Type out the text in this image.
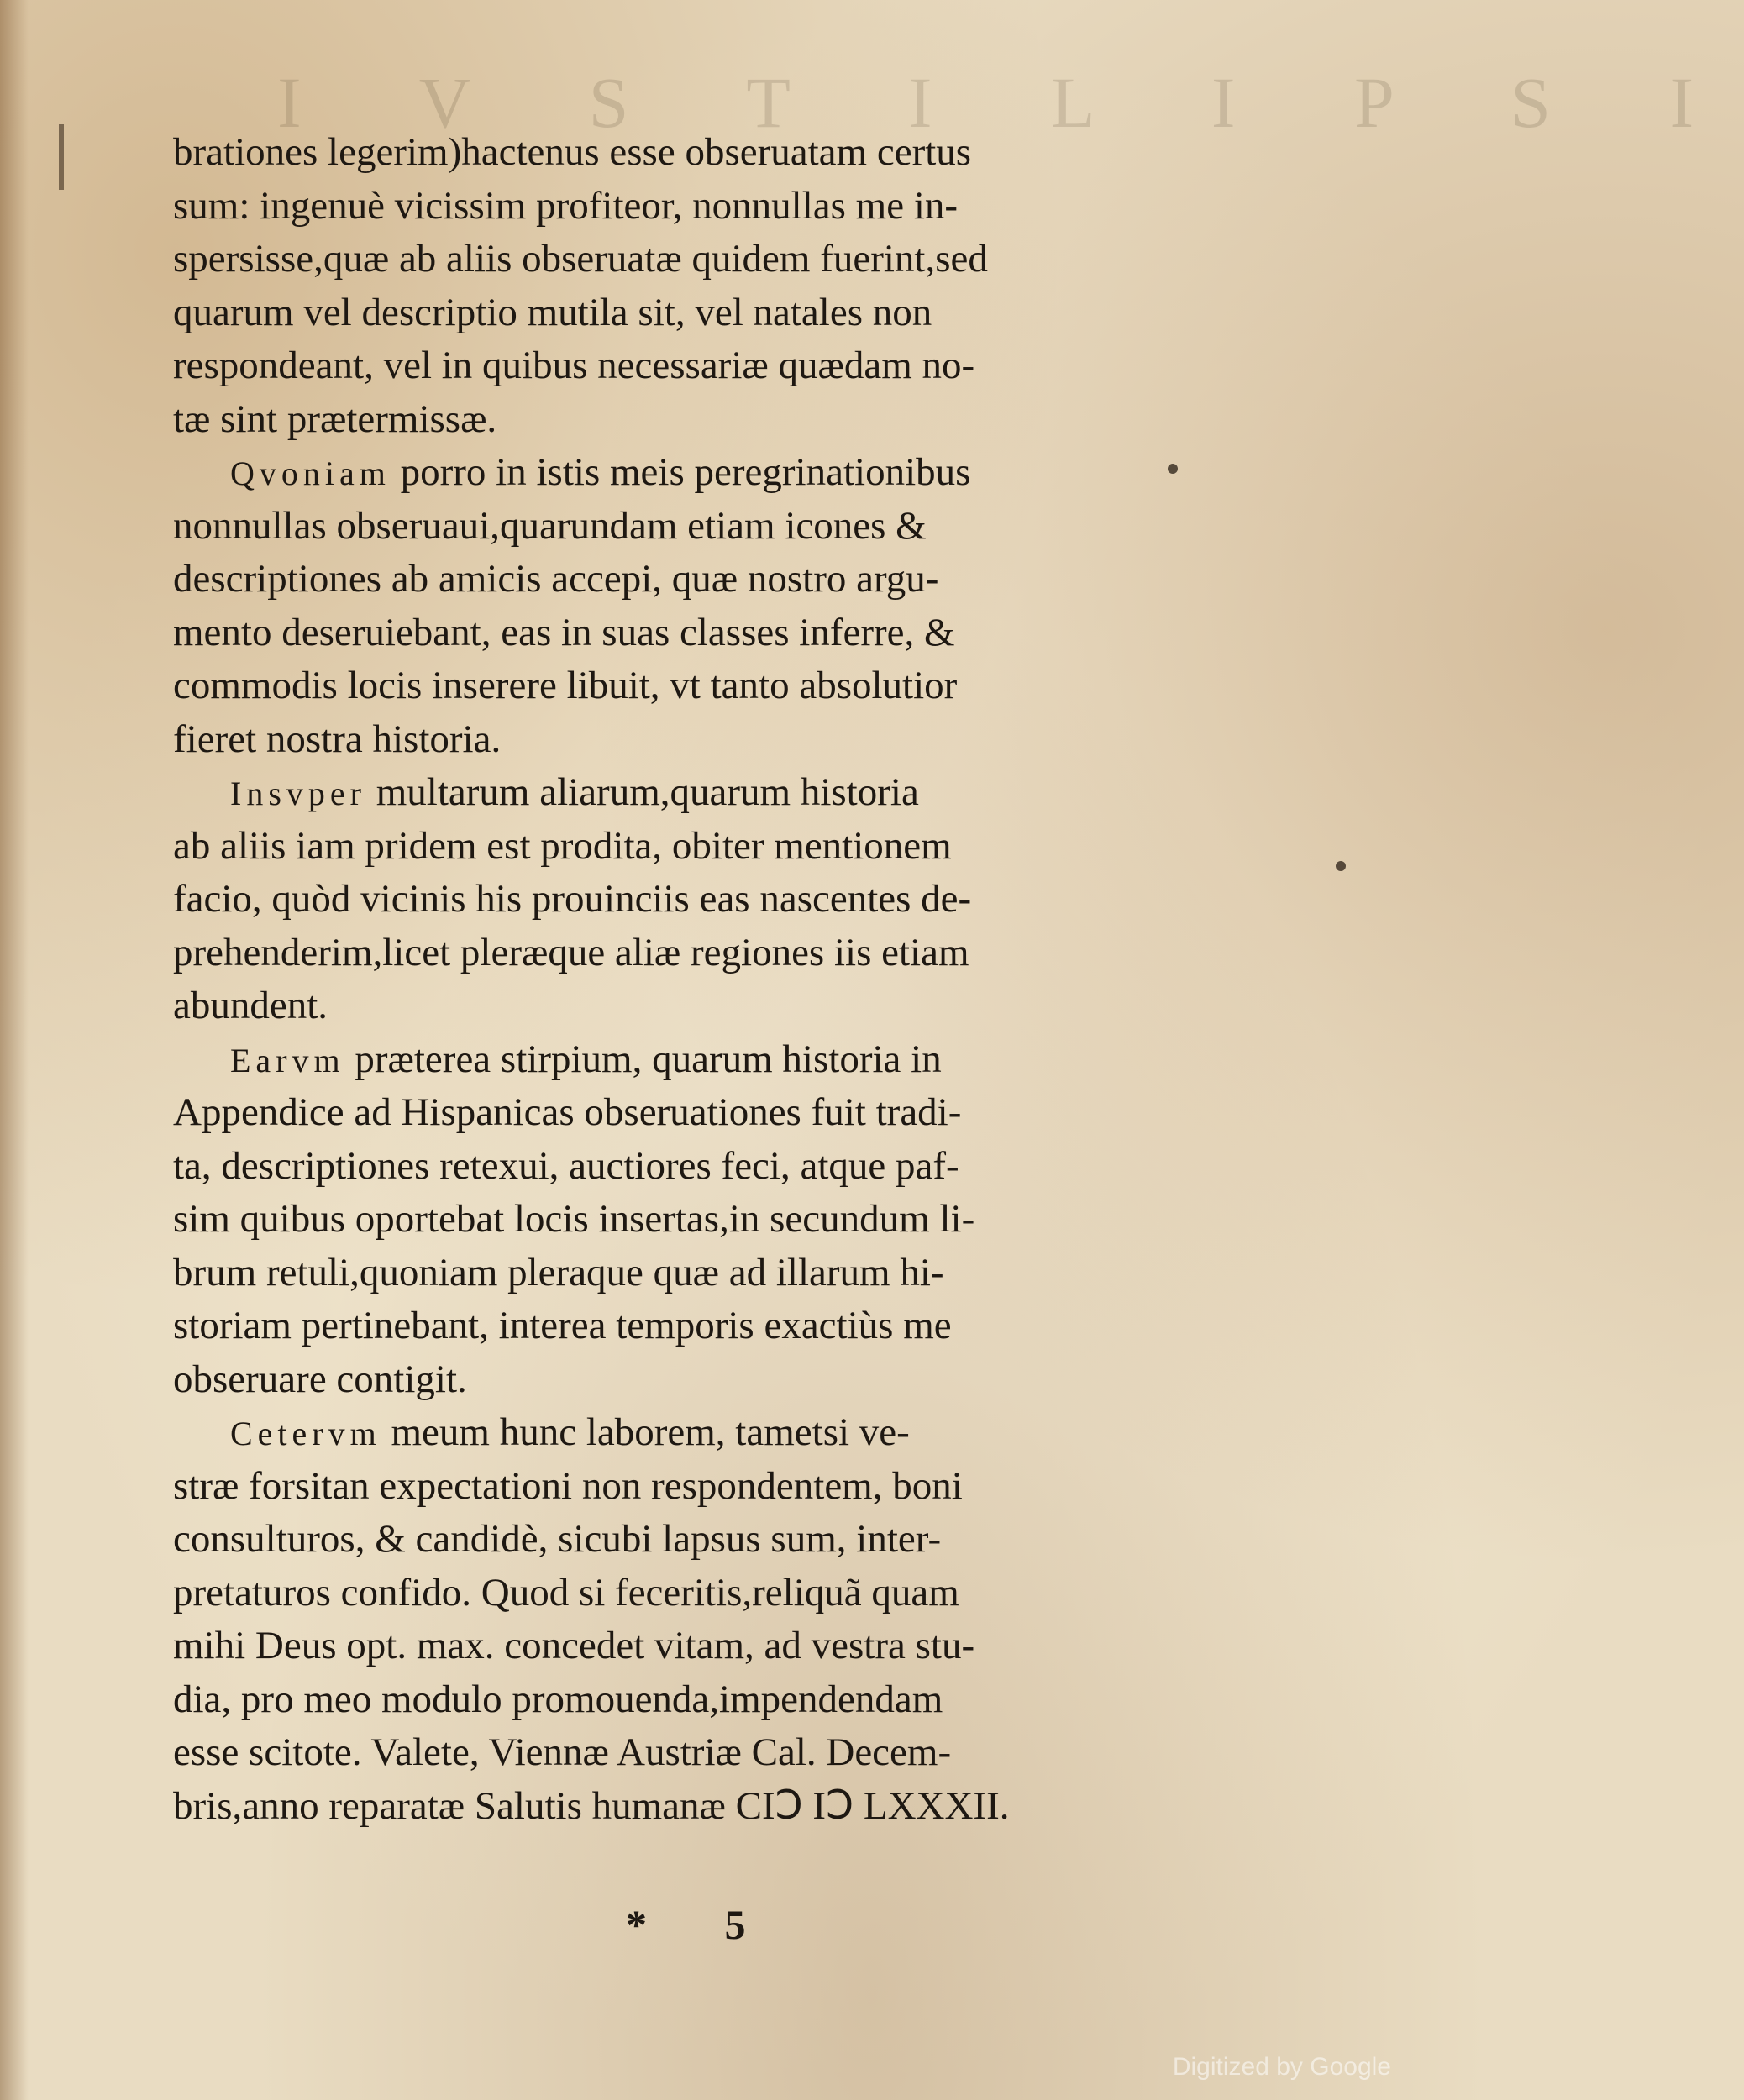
I V S T I L I P S I
brationes legerim)hactenus esse obseruatam certus
sum: ingenuè vicissim profiteor, nonnullas me in-
spersisse,quæ ab aliis obseruatæ quidem fuerint,sed
quarum vel descriptio mutila sit, vel natales non
respondeant, vel in quibus necessariæ quædam no-
tæ sint prætermissæ.
Qvoniam porro in istis meis peregrinationibus
nonnullas obseruaui,quarundam etiam icones &
descriptiones ab amicis accepi, quæ nostro argu-
mento deseruiebant, eas in suas classes inferre, &
commodis locis inserere libuit, vt tanto absolutior
fieret nostra historia.
Insvper multarum aliarum,quarum historia
ab aliis iam pridem est prodita, obiter mentionem
facio, quòd vicinis his prouinciis eas nascentes de-
prehenderim,licet pleræque aliæ regiones iis etiam
abundent.
Earvm præterea stirpium, quarum historia in
Appendice ad Hispanicas obseruationes fuit tradi-
ta, descriptiones retexui, auctiores feci, atque paf-
sim quibus oportebat locis insertas,in secundum li-
brum retuli,quoniam pleraque quæ ad illarum hi-
storiam pertinebant, interea temporis exactiùs me
obseruare contigit.
Cetervm meum hunc laborem, tametsi ve-
stræ forsitan expectationi non respondentem, boni
consulturos, & candidè, sicubi lapsus sum, inter-
pretaturos confido. Quod si feceritis,reliquã quam
mihi Deus opt. max. concedet vitam, ad vestra stu-
dia, pro meo modulo promouenda,impendendam
esse scitote. Valete, Viennæ Austriæ Cal. Decem-
bris,anno reparatæ Salutis humanæ CIↃ IↃ LXXXII.
* 5
Digitized by Google
